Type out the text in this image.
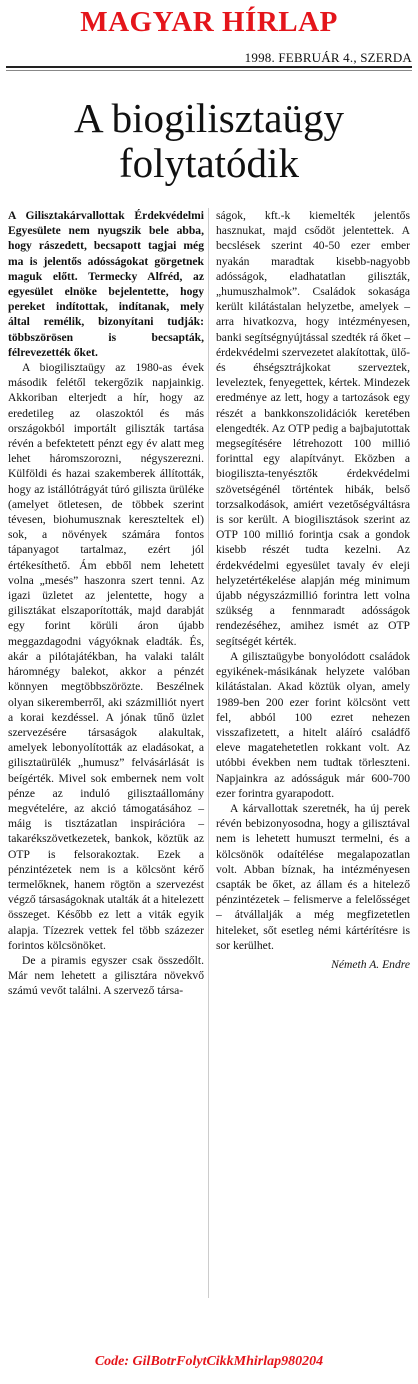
MAGYAR HÍRLAP
1998. FEBRUÁR 4., SZERDA
A biogilisztaügy folytatódik

A Gilisztakárvallottak Érdekvédelmi Egyesülete nem nyugszik bele abba, hogy rászedett, becsapott tagjai még ma is jelentős adósságokat görgetnek maguk előtt. Termecky Alfréd, az egyesület elnöke bejelentette, hogy pereket indítottak, indítanak, mely által remélik, bizonyítani tudják: többszörösen is becsapták, félrevezették őket.

A biogilisztaügy az 1980-as évek második felétől tekergőzik napjainkig. Akkoriban elterjedt a hír, hogy az eredetileg az olaszoktól és más országokból importált giliszták tartása révén a befektetett pénzt egy év alatt meg lehet háromszorozni, négyszerezni. Külföldi és hazai szakemberek állították, hogy az istállótrágyát túró giliszta ürüléke (amelyet ötletesen, de többek szerint tévesen, biohumusznak kereszteltek el) sok, a növények számára fontos tápanyagot tartalmaz, ezért jól értékesíthető. Ám ebből nem lehetett volna „mesés” haszonra szert tenni. Az igazi üzletet az jelentette, hogy a gilisztákat elszaporították, majd darabját egy forint körüli áron újabb meggazdagodni vágyóknak eladták. És, akár a pilótajátékban, ha valaki talált háromnégy balekot, akkor a pénzét könnyen megtöbbszörözte. Beszélnek olyan sikeremberről, aki százmilliót nyert a korai kezdéssel. A jónak tűnő üzlet szervezésére társaságok alakultak, amelyek lebonyolították az eladásokat, a gilisztaürülék „humusz” felvásárlását is beígérték. Mivel sok embernek nem volt pénze az induló gilisztaállomány megvételére, az akció támogatásához – máig is tisztázatlan inspirációra – takarékszövetkezetek, bankok, köztük az OTP is felsorakoztak. Ezek a pénzintézetek nem is a kölcsönt kérő termelőknek, hanem rögtön a szervezést végző társaságoknak utalták át a hitelezett összeget. Később ez lett a viták egyik alapja. Tízezrek vettek fel több százezer forintos kölcsönöket.

De a piramis egyszer csak összedőlt. Már nem lehetett a gilisztára növekvő számú vevőt találni. A szervező társa-

ságok, kft.-k kiemelték jelentős hasznukat, majd csődöt jelentettek. A becslések szerint 40-50 ezer ember nyakán maradtak kisebb-nagyobb adósságok, eladhatatlan giliszták, „humuszhalmok”. Családok sokasága került kilátástalan helyzetbe, amelyek – arra hivatkozva, hogy intézményesen, banki segítségnyújtással szedték rá őket – érdekvédelmi szervezetet alakítottak, ülő- és éhségsztrájkokat szerveztek, leveleztek, fenyegettek, kértek. Mindezek eredménye az lett, hogy a tartozások egy részét a bankkonszolidációk keretében elengedték. Az OTP pedig a bajbajutottak megsegítésére létrehozott 100 millió forinttal egy alapítványt. Eközben a biogiliszta-tenyésztők érdekvédelmi szövetségénél történtek hibák, belső torzsalkodások, amiért vezetőségváltásra is sor került. A biogilisztások szerint az OTP 100 millió forintja csak a gondok kisebb részét tudta kezelni. Az érdekvédelmi egyesület tavaly év eleji helyzetértékelése alapján még minimum újabb négyszázmillió forintra lett volna szükség a fennmaradt adósságok rendezéséhez, amihez ismét az OTP segítségét kérték.

A gilisztaügybe bonyolódott családok egyikének-másikának helyzete valóban kilátástalan. Akad köztük olyan, amely 1989-ben 200 ezer forint kölcsönt vett fel, abból 100 ezret nehezen visszafizetett, a hitelt aláíró családfő eleve magatehetetlen rokkant volt. Az utóbbi években nem tudtak törleszteni. Napjainkra az adósságuk már 600-700 ezer forintra gyarapodott.

A kárvallottak szeretnék, ha új perek révén bebizonyosodna, hogy a gilisztával nem is lehetett humuszt termelni, és a kölcsönök odaítélése megalapozatlan volt. Abban bíznak, ha intézményesen csapták be őket, az állam és a hitelező pénzintézetek – felismerve a felelősséget – átvállalják a még megfizetetlen hiteleket, sőt esetleg némi kártérítésre is sor kerülhet.

Németh A. Endre
Code: GilBotrFolytCikkMhirlap980204
